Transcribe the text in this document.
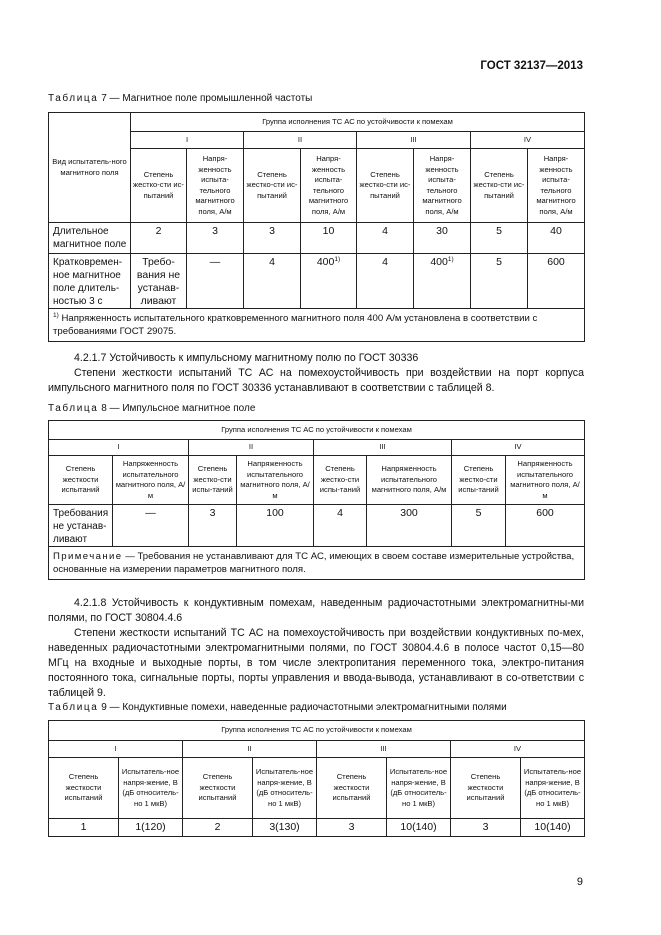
ГОСТ 32137—2013
Таблица 7 — Магнитное поле промышленной частоты
Вид испытатель-ного магнитного поля	Группа исполнения ТС АС по устойчивости к помехам							
	I		II		III		IV	
	Степень жестко-сти ис-пытаний	Напря-женность испыта-тельного магнитного поля, А/м	Степень жестко-сти ис-пытаний	Напря-женность испыта-тельного магнитного поля, А/м	Степень жестко-сти ис-пытаний	Напря-женность испыта-тельного магнитного поля, А/м	Степень жестко-сти ис-пытаний	Напря-женность испыта-тельного магнитного поля, А/м
Длительное магнитное поле	2	3	3	10	4	30	5	40
Кратковремен-ное магнитное поле длитель-ностью 3 с	Требо-вания не устанав-ливают	—	4	400$^{1)}$	4	400$^{1)}$	5	600
$^{1)}$ Напряженность испытательного кратковременного магнитного поля 400 А/м установлена в соответствии с требованиями ГОСТ 29075.								
4.2.1.7 Устойчивость к импульсному магнитному полю по ГОСТ 30336
Степени жесткости испытаний ТС АС на помехоустойчивость при воздействии на порт корпуса импульсного магнитного поля по ГОСТ 30336 устанавливают в соответствии с таблицей 8.
Таблица 8 — Импульсное магнитное поле
Группа исполнения ТС АС по устойчивости к помехам							
I		II		III		IV	
Степень жесткости испытаний	Напряженность испытательного магнитного поля, А/м	Степень жестко-сти испы-таний	Напряженность испытательного магнитного поля, А/м	Степень жестко-сти испы-таний	Напряженность испытательного магнитного поля, А/м	Степень жестко-сти испы-таний	Напряженность испытательного магнитного поля, А/м
Требования не устанав-ливают	—	3	100	4	300	5	600
Примечание — Требования не устанавливают для ТС АС, имеющих в своем составе измерительные устройства, основанные на измерении параметров магнитного поля.							
4.2.1.8 Устойчивость к кондуктивным помехам, наведенным радиочастотными электромагнитны-ми полями, по ГОСТ 30804.4.6
Степени жесткости испытаний ТС АС на помехоустойчивость при воздействии кондуктивных по-мех, наведенных радиочастотными электромагнитными полями, по ГОСТ 30804.4.6 в полосе частот 0,15—80 МГц на входные и выходные порты, в том числе электропитания переменного тока, электро-питания постоянного тока, сигнальные порты, порты управления и ввода-вывода, устанавливают в со-ответствии с таблицей 9.
Таблица 9 — Кондуктивные помехи, наведенные радиочастотными электромагнитными полями
Группа исполнения ТС АС по устойчивости к помехам							
I		II		III		IV	
Степень жесткости испытаний	Испытатель-ное напря-жение, В (дБ относитель-но 1 мкВ)	Степень жесткости испытаний	Испытатель-ное напря-жение, В (дБ относитель-но 1 мкВ)	Степень жесткости испытаний	Испытатель-ное напря-жение, В (дБ относитель-но 1 мкВ)	Степень жесткости испытаний	Испытатель-ное напря-жение, В (дБ относитель-но 1 мкВ)
1	1(120)	2	3(130)	3	10(140)	3	10(140)
9
